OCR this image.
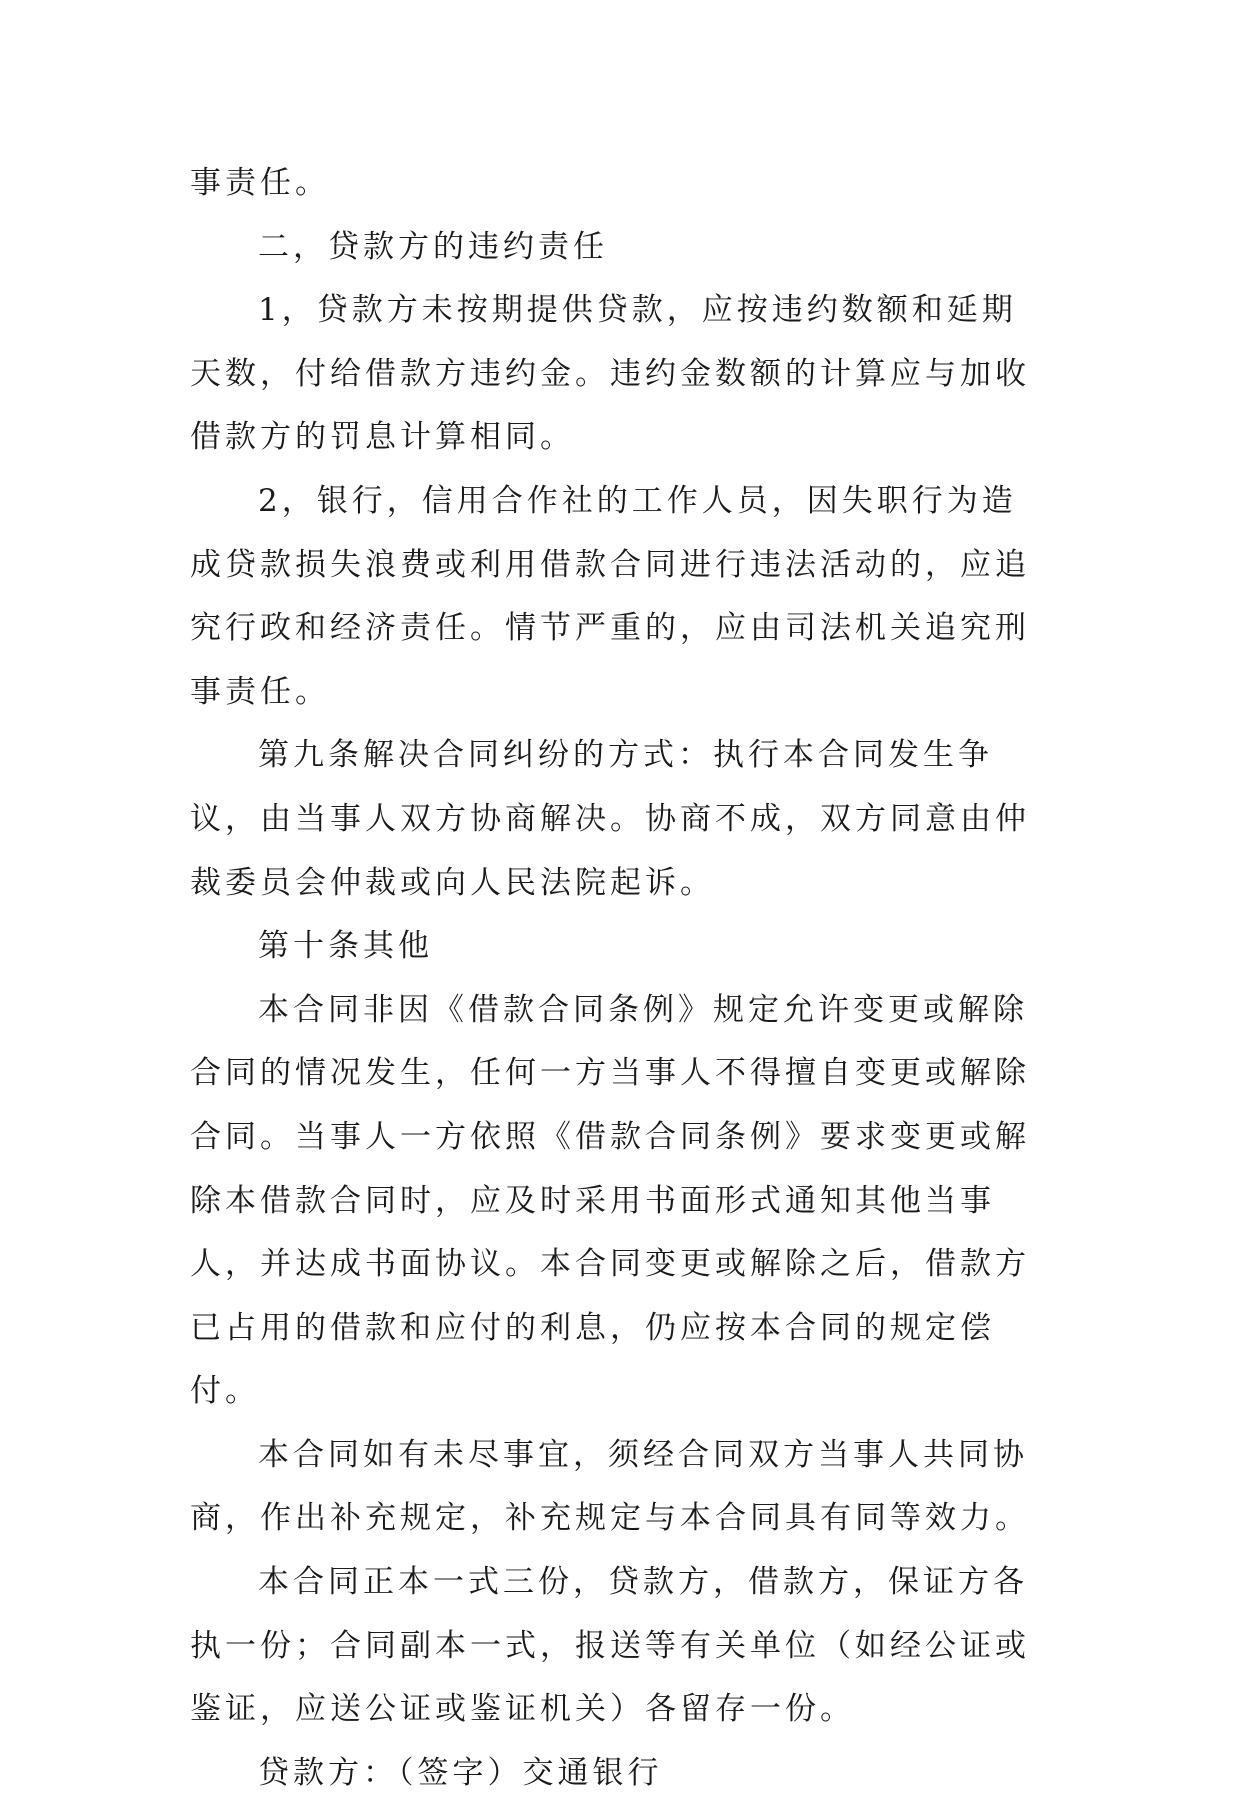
事责任。

二，贷款方的违约责任

1，贷款方未按期提供贷款，应按违约数额和延期天数，付给借款方违约金。违约金数额的计算应与加收借款方的罚息计算相同。

2，银行，信用合作社的工作人员，因失职行为造成贷款损失浪费或利用借款合同进行违法活动的，应追究行政和经济责任。情节严重的，应由司法机关追究刑事责任。

第九条解决合同纠纷的方式：执行本合同发生争议，由当事人双方协商解决。协商不成，双方同意由仲裁委员会仲裁或向人民法院起诉。

第十条其他

本合同非因《借款合同条例》规定允许变更或解除合同的情况发生，任何一方当事人不得擅自变更或解除合同。当事人一方依照《借款合同条例》要求变更或解除本借款合同时，应及时采用书面形式通知其他当事人，并达成书面协议。本合同变更或解除之后，借款方已占用的借款和应付的利息，仍应按本合同的规定偿付。

本合同如有未尽事宜，须经合同双方当事人共同协商，作出补充规定，补充规定与本合同具有同等效力。

本合同正本一式三份，贷款方，借款方，保证方各执一份；合同副本一式，报送等有关单位（如经公证或鉴证，应送公证或鉴证机关）各留存一份。

贷款方：（签字）交通银行
